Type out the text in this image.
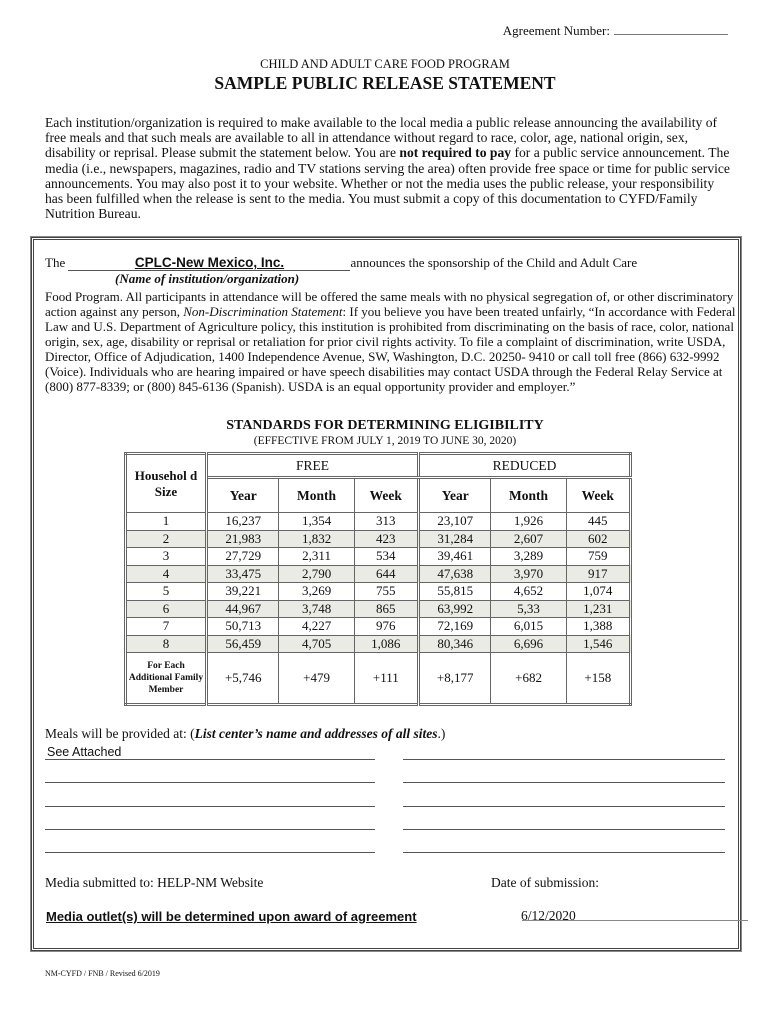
Agreement Number:
CHILD AND ADULT CARE FOOD PROGRAM
SAMPLE PUBLIC RELEASE STATEMENT
Each institution/organization is required to make available to the local media a public release announcing the availability of free meals and that such meals are available to all in attendance without regard to race, color, age, national origin, sex, disability or reprisal. Please submit the statement below. You are not required to pay for a public service announcement. The media (i.e., newspapers, magazines, radio and TV stations serving the area) often provide free space or time for public service announcements. You may also post it to your website. Whether or not the media uses the public release, your responsibility has been fulfilled when the release is sent to the media. You must submit a copy of this documentation to CYFD/Family Nutrition Bureau.
The	CPLC-New Mexico, Inc.	announces the sponsorship of the Child and Adult Care
(Name of institution/organization)
Food Program. All participants in attendance will be offered the same meals with no physical segregation of, or other discriminatory action against any person, Non-Discrimination Statement: If you believe you have been treated unfairly, “In accordance with Federal Law and U.S. Department of Agriculture policy, this institution is prohibited from discriminating on the basis of race, color, national origin, sex, age, disability or reprisal or retaliation for prior civil rights activity. To file a complaint of discrimination, write USDA, Director, Office of Adjudication, 1400 Independence Avenue, SW, Washington, D.C. 20250- 9410 or call toll free (866) 632-9992 (Voice). Individuals who are hearing impaired or have speech disabilities may contact USDA through the Federal Relay Service at (800) 877-8339; or (800) 845-6136 (Spanish). USDA is an equal opportunity provider and employer.”
STANDARDS FOR DETERMINING ELIGIBILITY
(EFFECTIVE FROM JULY 1, 2019 TO JUNE 30, 2020)
Househol d Size	FREE			REDUCED		
	Year	Month	Week	Year	Month	Week
1	16,237	1,354	313	23,107	1,926	445
2	21,983	1,832	423	31,284	2,607	602
3	27,729	2,311	534	39,461	3,289	759
4	33,475	2,790	644	47,638	3,970	917
5	39,221	3,269	755	55,815	4,652	1,074
6	44,967	3,748	865	63,992	5,33	1,231
7	50,713	4,227	976	72,169	6,015	1,388
8	56,459	4,705	1,086	80,346	6,696	1,546
For Each Additional Family Member	+5,746	+479	+111	+8,177	+682	+158
Meals will be provided at: (List center’s name and addresses of all sites.)
See Attached
Media submitted to: HELP-NM Website	Date of submission:
Media outlet(s) will be determined upon award of agreement	6/12/2020
NM-CYFD / FNB / Revised 6/2019
